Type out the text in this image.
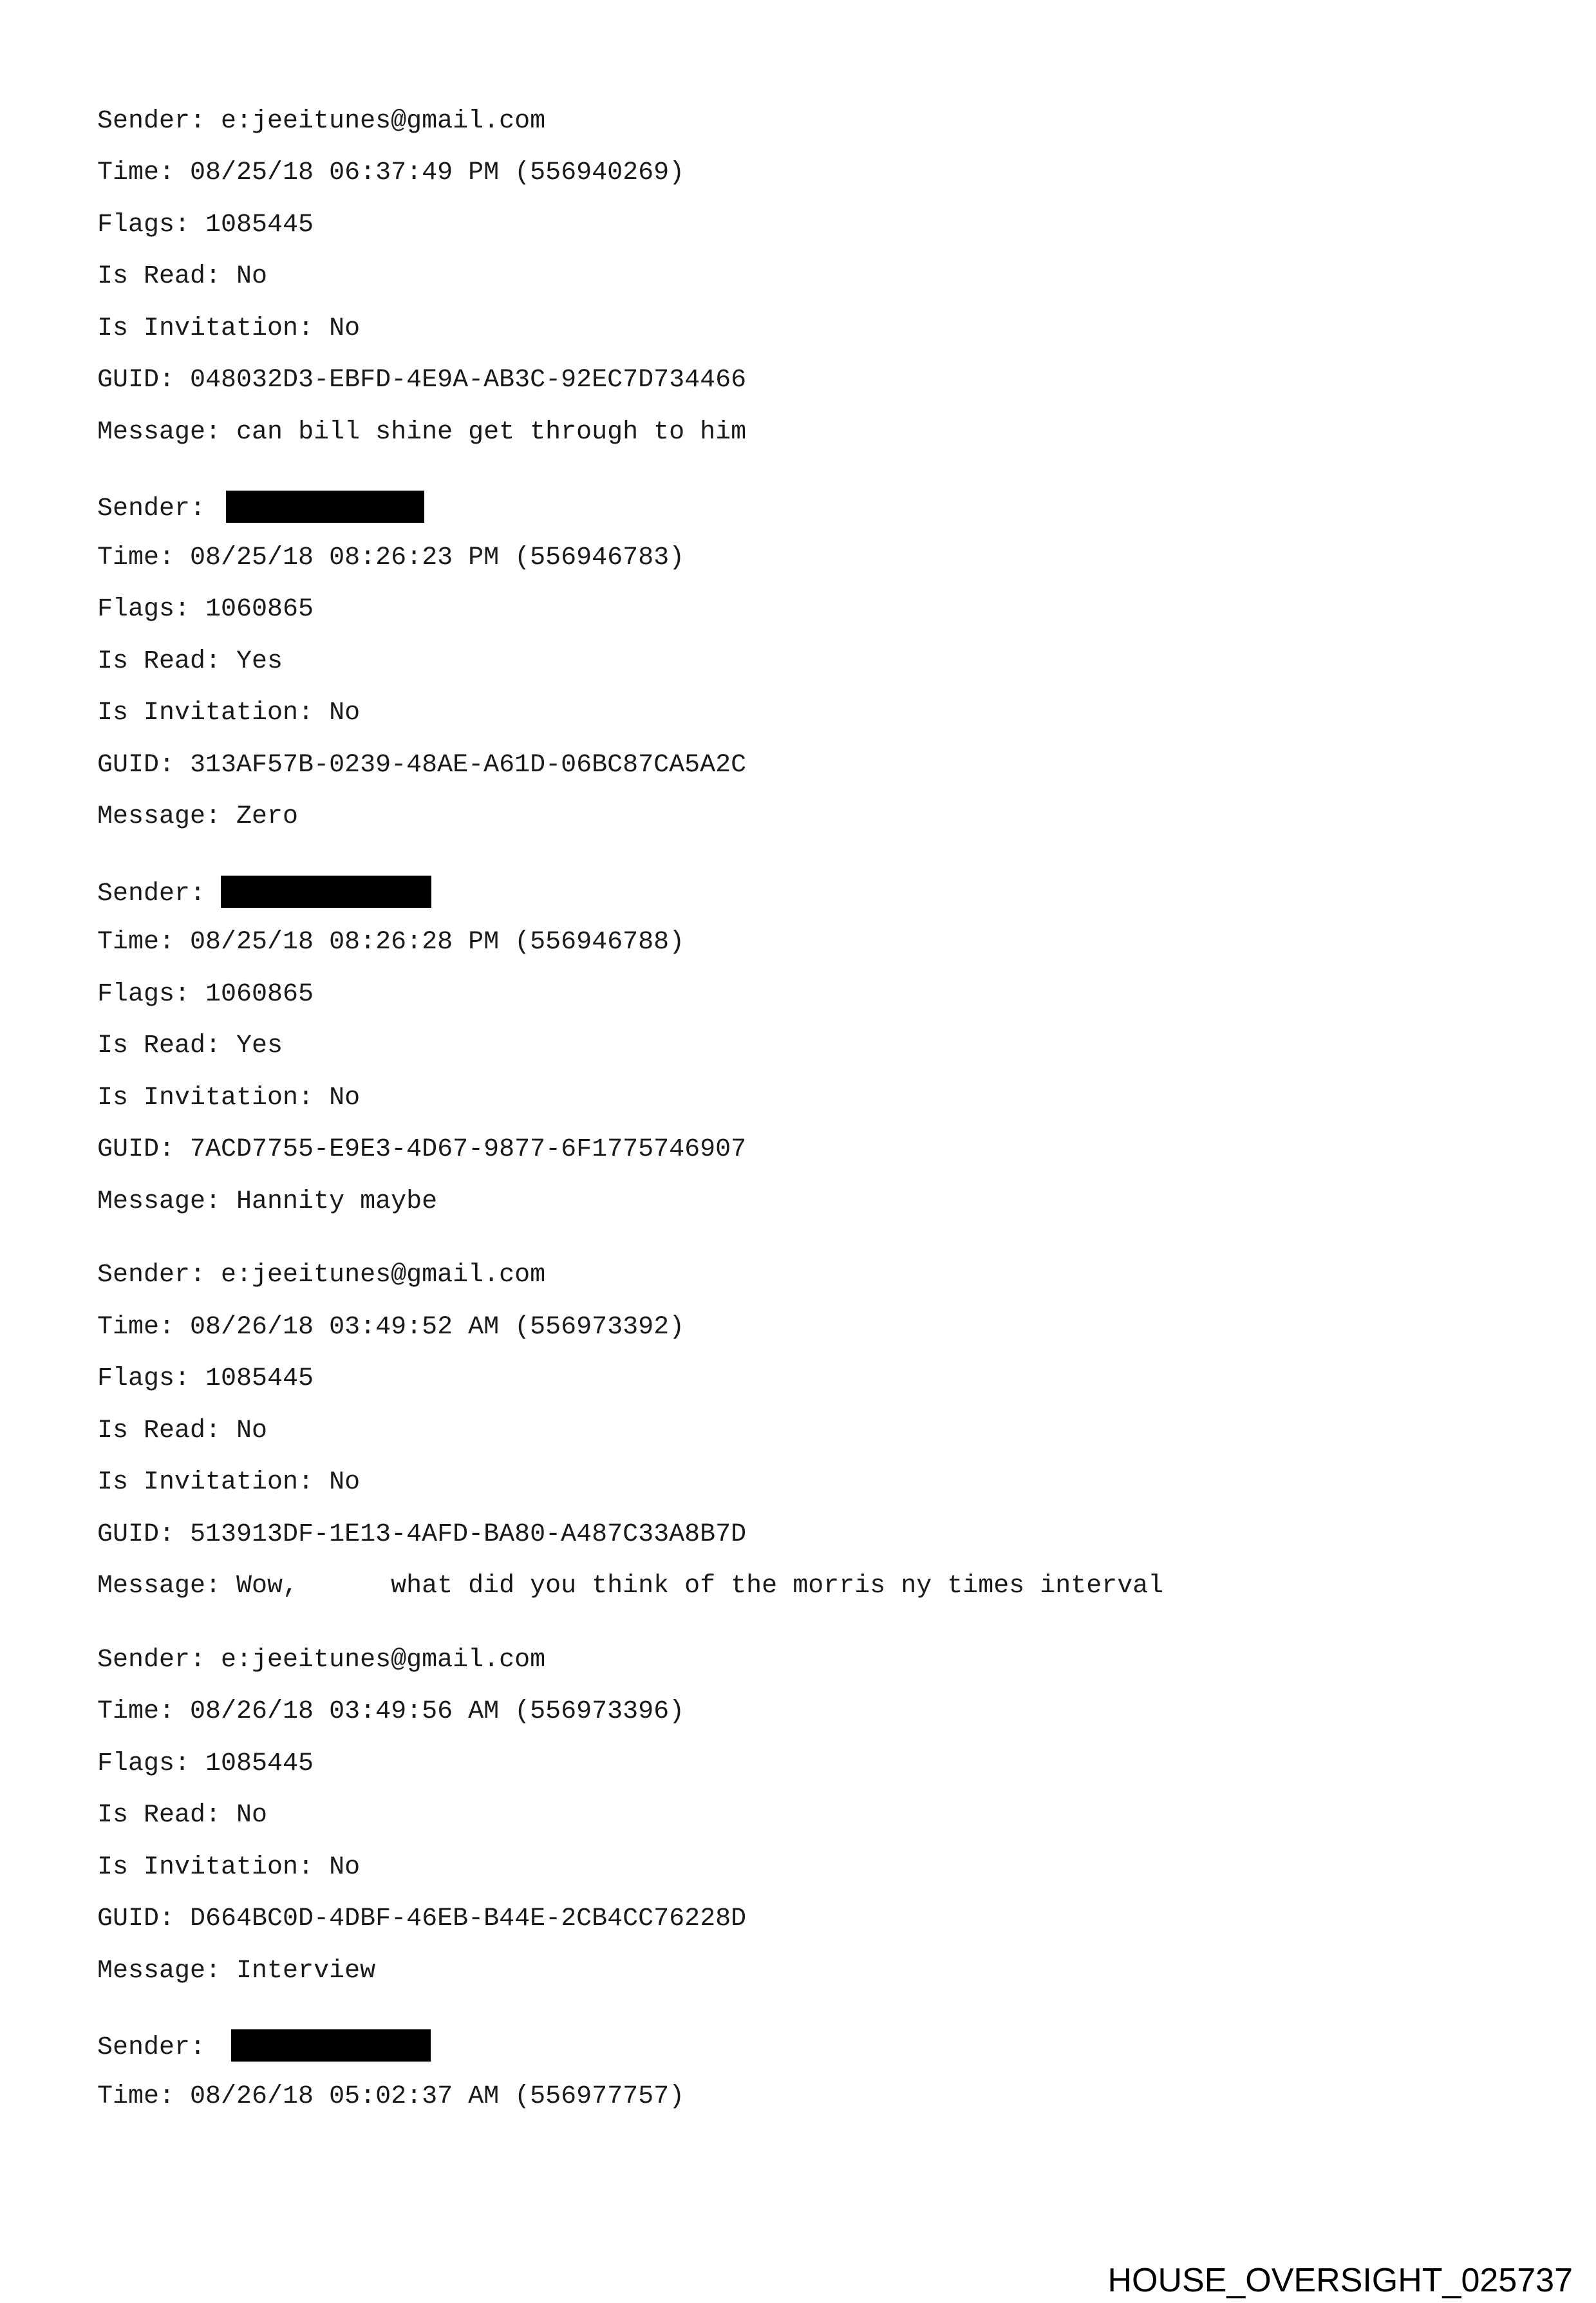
Sender: e:jeeitunes@gmail.com
Time: 08/25/18 06:37:49 PM (556940269)
Flags: 1085445
Is Read: No
Is Invitation: No
GUID: 048032D3-EBFD-4E9A-AB3C-92EC7D734466
Message: can bill shine get through to him
Sender:
Time: 08/25/18 08:26:23 PM (556946783)
Flags: 1060865
Is Read: Yes
Is Invitation: No
GUID: 313AF57B-0239-48AE-A61D-06BC87CA5A2C
Message: Zero
Sender:
Time: 08/25/18 08:26:28 PM (556946788)
Flags: 1060865
Is Read: Yes
Is Invitation: No
GUID: 7ACD7755-E9E3-4D67-9877-6F1775746907
Message: Hannity maybe
Sender: e:jeeitunes@gmail.com
Time: 08/26/18 03:49:52 AM (556973392)
Flags: 1085445
Is Read: No
Is Invitation: No
GUID: 513913DF-1E13-4AFD-BA80-A487C33A8B7D
Message: Wow,      what did you think of the morris ny times interval
Sender: e:jeeitunes@gmail.com
Time: 08/26/18 03:49:56 AM (556973396)
Flags: 1085445
Is Read: No
Is Invitation: No
GUID: D664BC0D-4DBF-46EB-B44E-2CB4CC76228D
Message: Interview
Sender:
Time: 08/26/18 05:02:37 AM (556977757)
HOUSE_OVERSIGHT_025737
